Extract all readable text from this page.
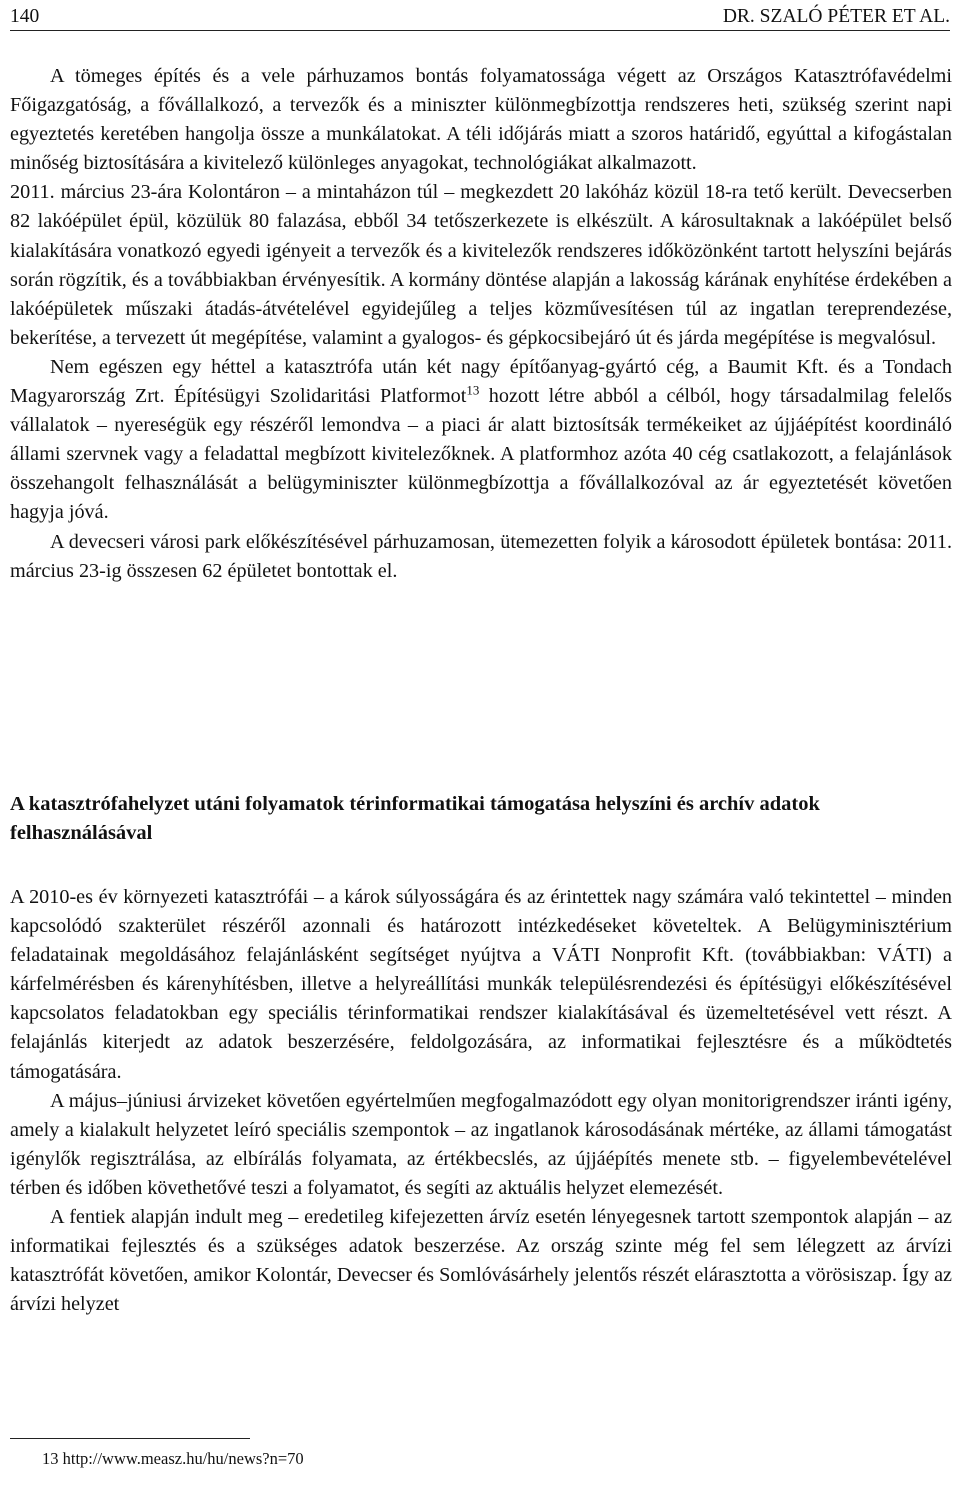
140	DR. SZALÓ PÉTER ET AL.

A tömeges építés és a vele párhuzamos bontás folyamatossága végett az Országos Katasztrófavédelmi Főigazgatóság, a fővállalkozó, a tervezők és a miniszter különmegbízottja rendszeres heti, szükség szerint napi egyeztetés keretében hangolja össze a munkálatokat. A téli időjárás miatt a szoros határidő, egyúttal a kifogástalan minőség biztosítására a kivitelező különleges anyagokat, technológiákat alkalmazott.

2011. március 23-ára Kolontáron – a mintaházon túl – megkezdett 20 lakóház közül 18-ra tető került. Devecserben 82 lakóépület épül, közülük 80 falazása, ebből 34 tetőszerkezete is elkészült. A károsultaknak a lakóépület belső kialakítására vonatkozó egyedi igényeit a tervezők és a kivitelezők rendszeres időközönként tartott helyszíni bejárás során rögzítik, és a továbbiakban érvényesítik. A kormány döntése alapján a lakosság kárának enyhítése érdekében a lakóépületek műszaki átadás-átvételével egyidejűleg a teljes közművesítésen túl az ingatlan tereprendezése, bekerítése, a tervezett út megépítése, valamint a gyalogos- és gépkocsibejáró út és járda megépítése is megvalósul.

Nem egészen egy héttel a katasztrófa után két nagy építőanyag-gyártó cég, a Baumit Kft. és a Tondach Magyarország Zrt. Építésügyi Szolidaritási Platformot$^{13}$ hozott létre abból a célból, hogy társadalmilag felelős vállalatok – nyereségük egy részéről lemondva – a piaci ár alatt biztosítsák termékeiket az újjáépítést koordináló állami szervnek vagy a feladattal megbízott kivitelezőknek. A platformhoz azóta 40 cég csatlakozott, a felajánlások összehangolt felhasználását a belügyminiszter különmegbízottja a fővállalkozóval az ár egyeztetését követően hagyja jóvá.

A devecseri városi park előkészítésével párhuzamosan, ütemezetten folyik a károsodott épületek bontása: 2011. március 23-ig összesen 62 épületet bontottak el.

A katasztrófahelyzet utáni folyamatok térinformatikai támogatása helyszíni és archív adatok felhasználásával

A 2010-es év környezeti katasztrófái – a károk súlyosságára és az érintettek nagy számára való tekintettel – minden kapcsolódó szakterület részéről azonnali és határozott intézkedéseket követeltek. A Belügyminisztérium feladatainak megoldásához felajánlásként segítséget nyújtva a VÁTI Nonprofit Kft. (továbbiakban: VÁTI) a kárfelmérésben és kárenyhítésben, illetve a helyreállítási munkák településrendezési és építésügyi előkészítésével kapcsolatos feladatokban egy speciális térinformatikai rendszer kialakításával és üzemeltetésével vett részt. A felajánlás kiterjedt az adatok beszerzésére, feldolgozására, az informatikai fejlesztésre és a működtetés támogatására.

A május–júniusi árvizeket követően egyértelműen megfogalmazódott egy olyan monitorigrendszer iránti igény, amely a kialakult helyzetet leíró speciális szempontok – az ingatlanok károsodásának mértéke, az állami támogatást igénylők regisztrálása, az elbírálás folyamata, az értékbecslés, az újjáépítés menete stb. – figyelembevételével térben és időben követhetővé teszi a folyamatot, és segíti az aktuális helyzet elemezését.

A fentiek alapján indult meg – eredetileg kifejezetten árvíz esetén lényegesnek tartott szempontok alapján – az informatikai fejlesztés és a szükséges adatok beszerzése. Az ország szinte még fel sem lélegzett az árvízi katasztrófát követően, amikor Kolontár, Devecser és Somlóvásárhely jelentős részét elárasztotta a vörösiszap. Így az árvízi helyzet

13 http://www.measz.hu/hu/news?n=70
